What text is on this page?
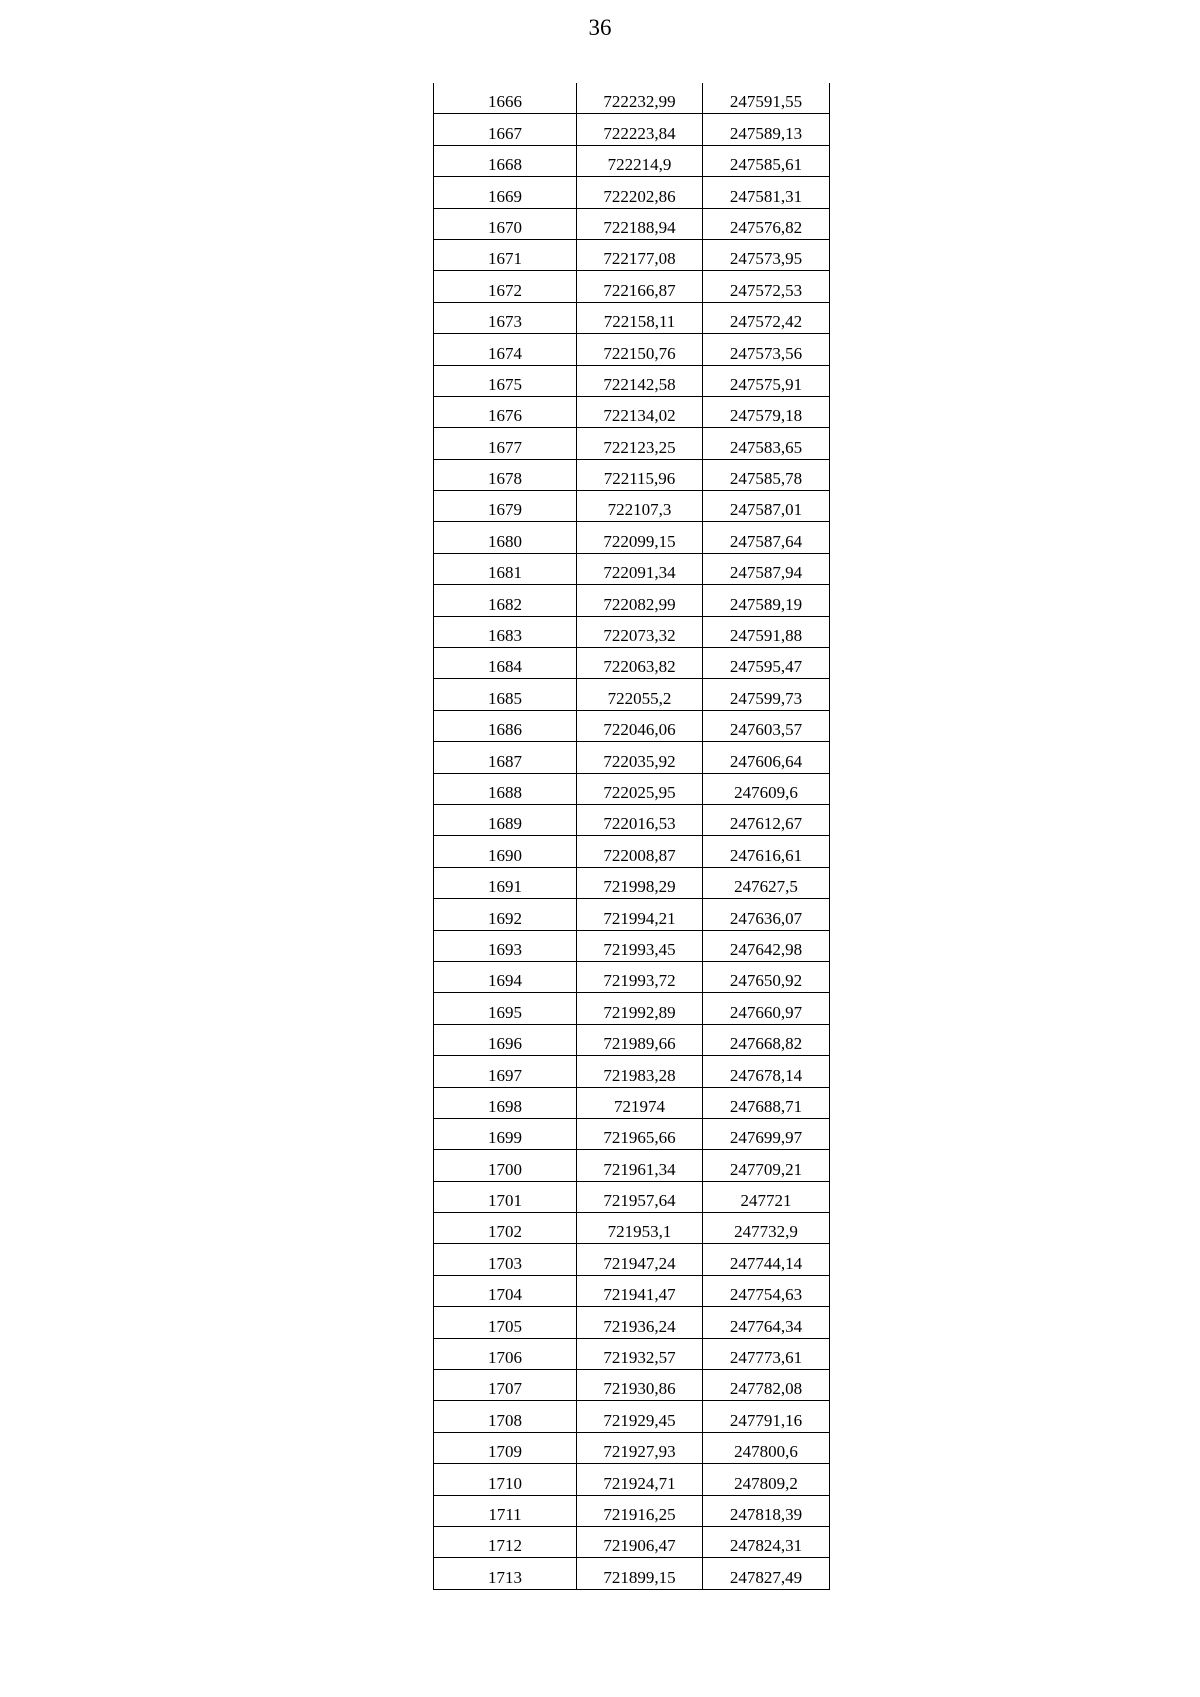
36
1666	722232,99	247591,55
1667	722223,84	247589,13
1668	722214,9	247585,61
1669	722202,86	247581,31
1670	722188,94	247576,82
1671	722177,08	247573,95
1672	722166,87	247572,53
1673	722158,11	247572,42
1674	722150,76	247573,56
1675	722142,58	247575,91
1676	722134,02	247579,18
1677	722123,25	247583,65
1678	722115,96	247585,78
1679	722107,3	247587,01
1680	722099,15	247587,64
1681	722091,34	247587,94
1682	722082,99	247589,19
1683	722073,32	247591,88
1684	722063,82	247595,47
1685	722055,2	247599,73
1686	722046,06	247603,57
1687	722035,92	247606,64
1688	722025,95	247609,6
1689	722016,53	247612,67
1690	722008,87	247616,61
1691	721998,29	247627,5
1692	721994,21	247636,07
1693	721993,45	247642,98
1694	721993,72	247650,92
1695	721992,89	247660,97
1696	721989,66	247668,82
1697	721983,28	247678,14
1698	721974	247688,71
1699	721965,66	247699,97
1700	721961,34	247709,21
1701	721957,64	247721
1702	721953,1	247732,9
1703	721947,24	247744,14
1704	721941,47	247754,63
1705	721936,24	247764,34
1706	721932,57	247773,61
1707	721930,86	247782,08
1708	721929,45	247791,16
1709	721927,93	247800,6
1710	721924,71	247809,2
1711	721916,25	247818,39
1712	721906,47	247824,31
1713	721899,15	247827,49
